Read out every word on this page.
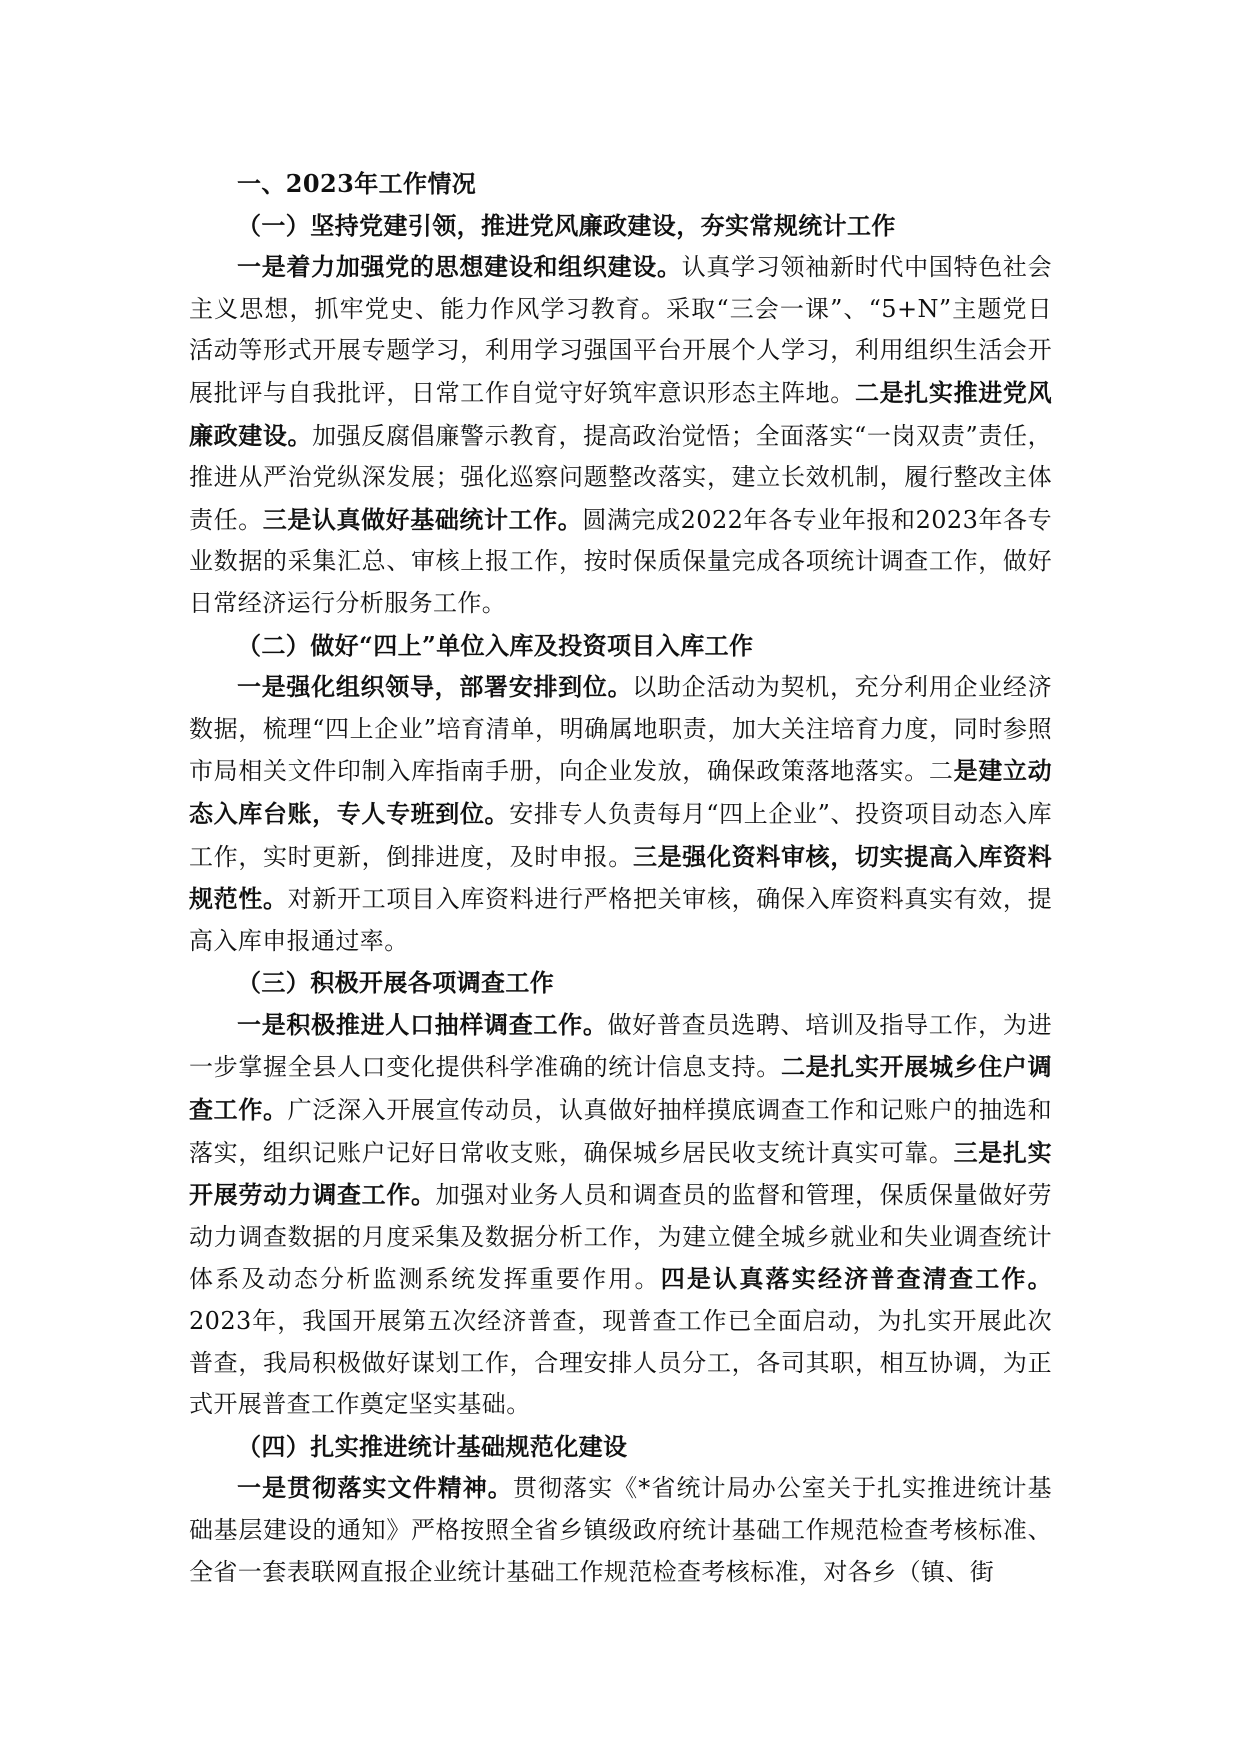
一、2023年工作情况

（一）坚持党建引领，推进党风廉政建设，夯实常规统计工作

一是着力加强党的思想建设和组织建设。认真学习领袖新时代中国特色社会主义思想，抓牢党史、能力作风学习教育。采取“三会一课”、“5+N”主题党日活动等形式开展专题学习，利用学习强国平台开展个人学习，利用组织生活会开展批评与自我批评，日常工作自觉守好筑牢意识形态主阵地。二是扎实推进党风廉政建设。加强反腐倡廉警示教育，提高政治觉悟；全面落实“一岗双责”责任，推进从严治党纵深发展；强化巡察问题整改落实，建立长效机制，履行整改主体责任。三是认真做好基础统计工作。圆满完成2022年各专业年报和2023年各专业数据的采集汇总、审核上报工作，按时保质保量完成各项统计调查工作，做好日常经济运行分析服务工作。

（二）做好“四上”单位入库及投资项目入库工作

一是强化组织领导，部署安排到位。以助企活动为契机，充分利用企业经济数据，梳理“四上企业”培育清单，明确属地职责，加大关注培育力度，同时参照市局相关文件印制入库指南手册，向企业发放，确保政策落地落实。二是建立动态入库台账，专人专班到位。安排专人负责每月“四上企业”、投资项目动态入库工作，实时更新，倒排进度，及时申报。三是强化资料审核，切实提高入库资料规范性。对新开工项目入库资料进行严格把关审核，确保入库资料真实有效，提高入库申报通过率。

（三）积极开展各项调查工作

一是积极推进人口抽样调查工作。做好普查员选聘、培训及指导工作，为进一步掌握全县人口变化提供科学准确的统计信息支持。二是扎实开展城乡住户调查工作。广泛深入开展宣传动员，认真做好抽样摸底调查工作和记账户的抽选和落实，组织记账户记好日常收支账，确保城乡居民收支统计真实可靠。三是扎实开展劳动力调查工作。加强对业务人员和调查员的监督和管理，保质保量做好劳动力调查数据的月度采集及数据分析工作，为建立健全城乡就业和失业调查统计体系及动态分析监测系统发挥重要作用。四是认真落实经济普查清查工作。2023年，我国开展第五次经济普查，现普查工作已全面启动，为扎实开展此次普查，我局积极做好谋划工作，合理安排人员分工，各司其职，相互协调，为正式开展普查工作奠定坚实基础。

（四）扎实推进统计基础规范化建设

一是贯彻落实文件精神。贯彻落实《*省统计局办公室关于扎实推进统计基础基层建设的通知》严格按照全省乡镇级政府统计基础工作规范检查考核标准、全省一套表联网直报企业统计基础工作规范检查考核标准，对各乡（镇、街
